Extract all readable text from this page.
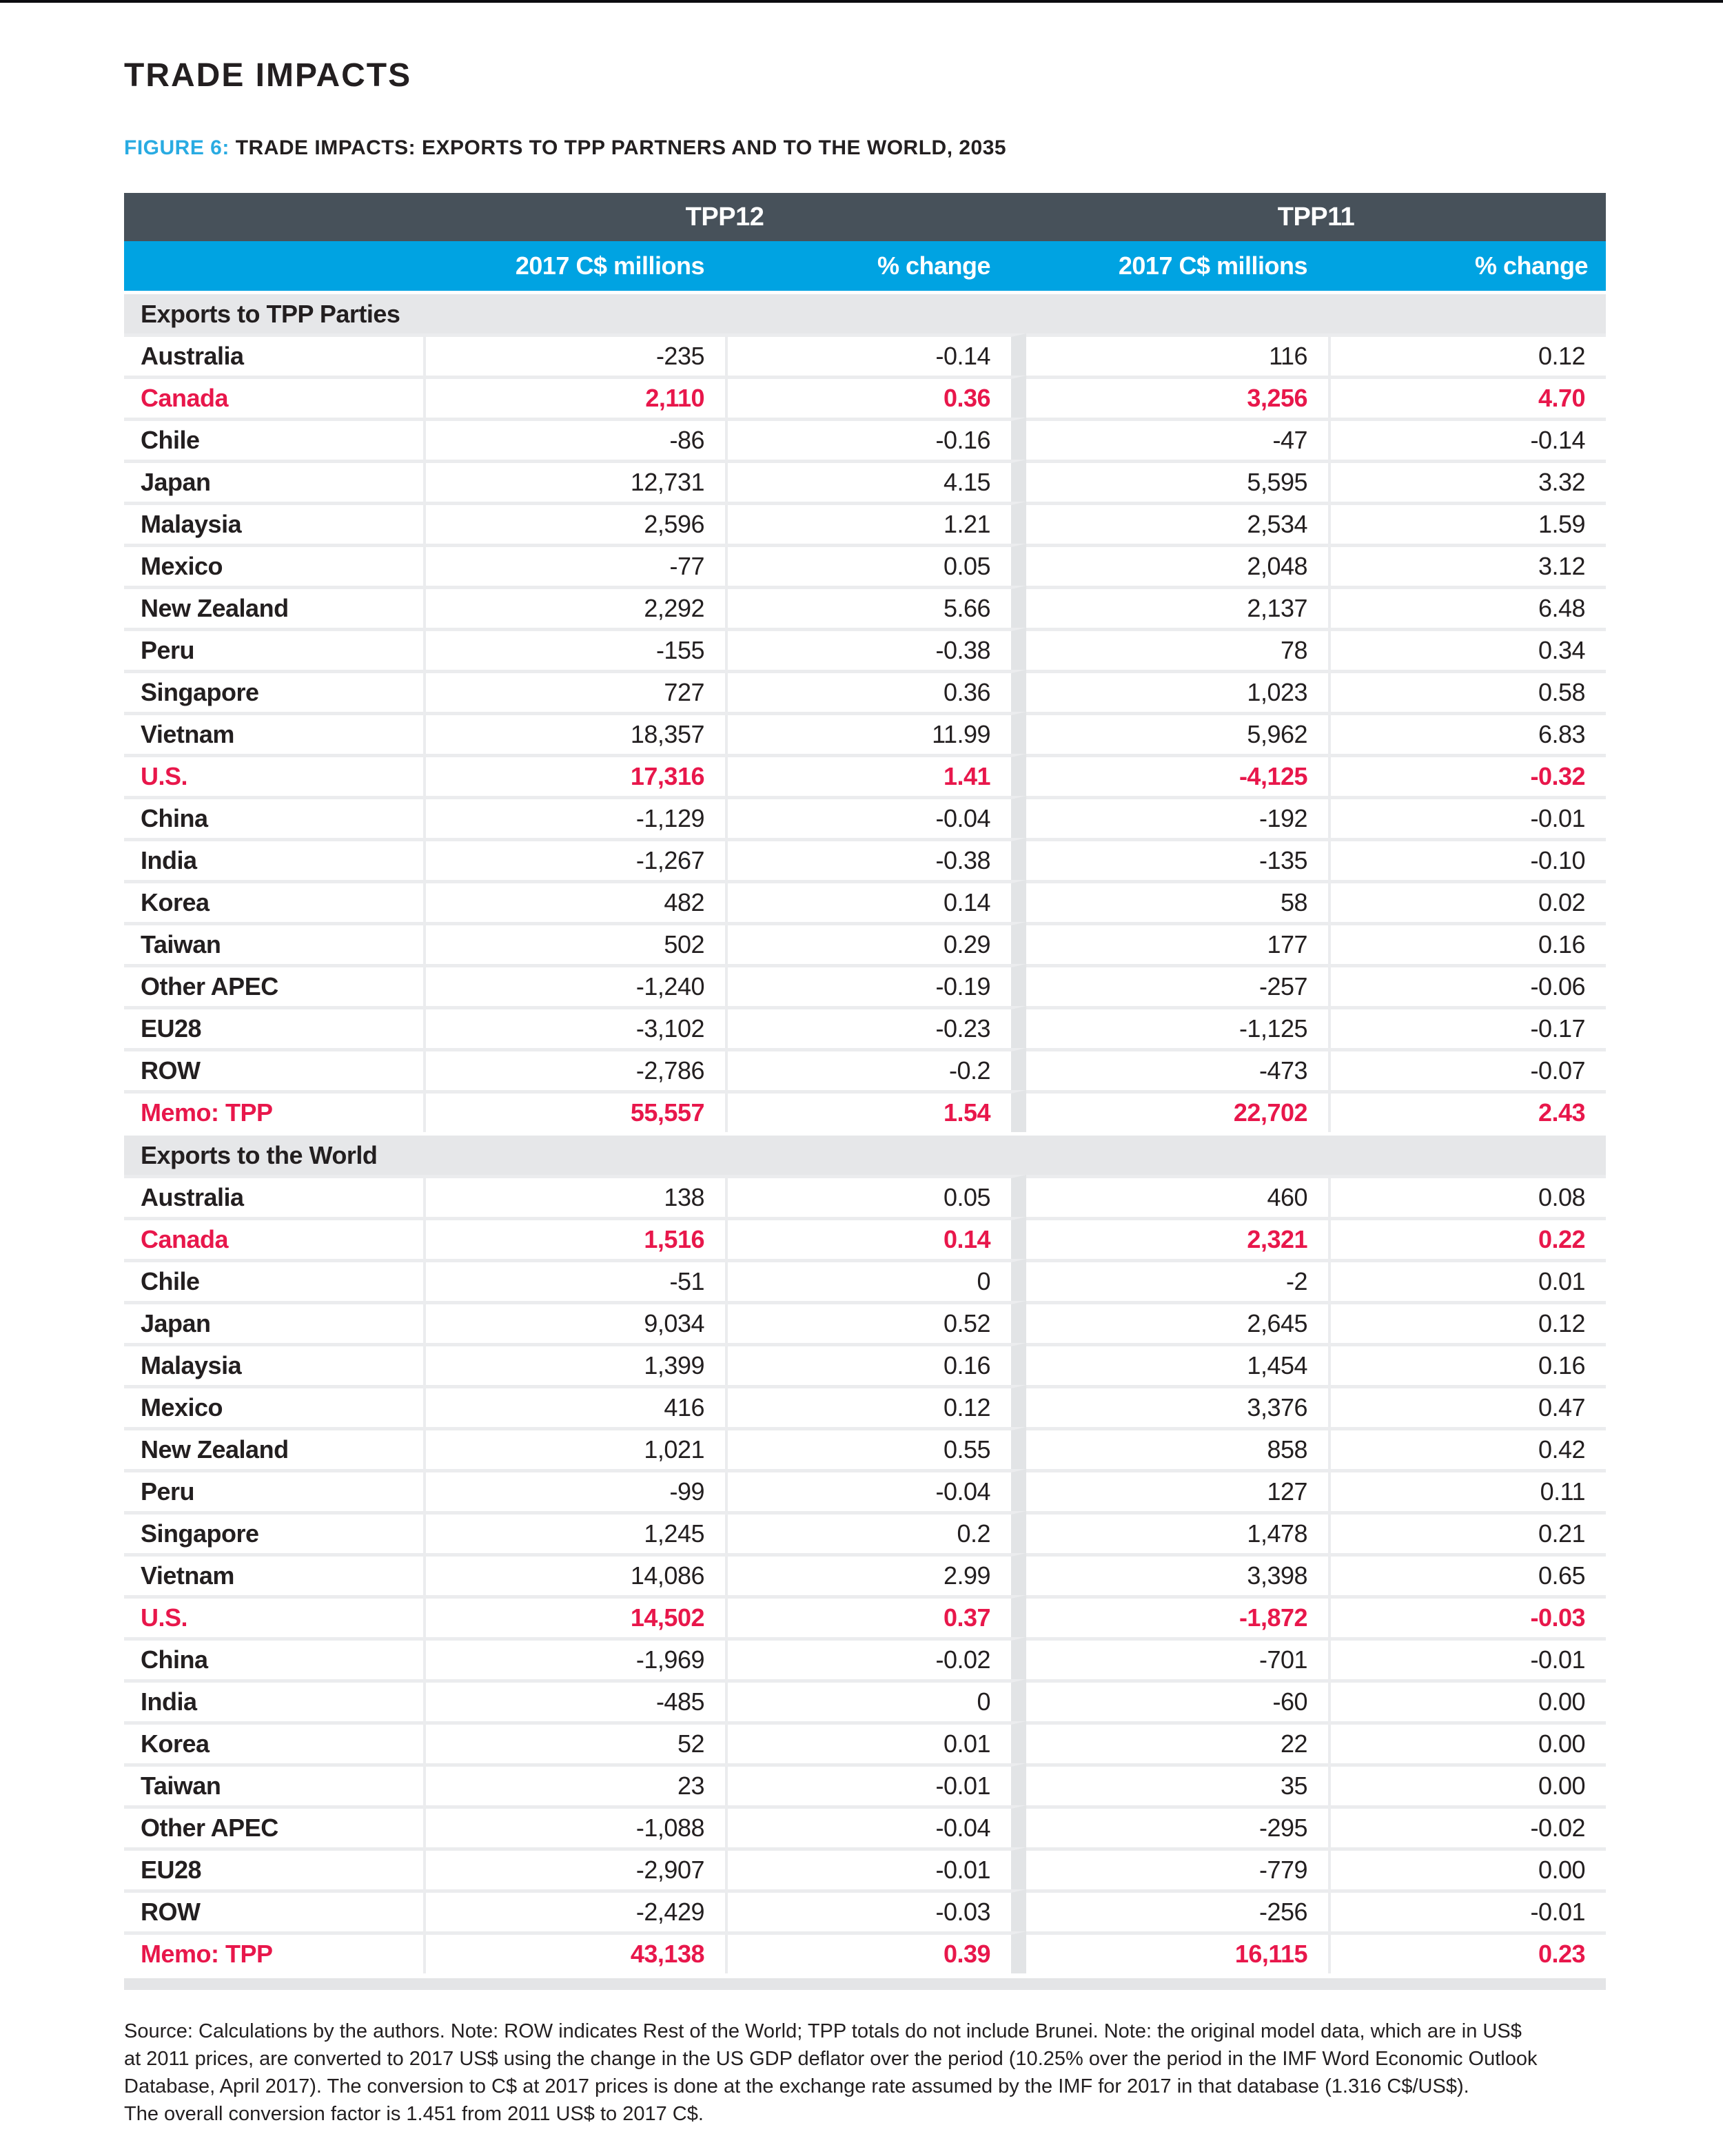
TRADE IMPACTS
FIGURE 6: TRADE IMPACTS: EXPORTS TO TPP PARTNERS AND TO THE WORLD, 2035
	TPP12		TPP11	
	2017 C$ millions	% change	2017 C$ millions	% change
Exports to TPP Parties				
Australia	-235	-0.14	116	0.12
Canada	2,110	0.36	3,256	4.70
Chile	-86	-0.16	-47	-0.14
Japan	12,731	4.15	5,595	3.32
Malaysia	2,596	1.21	2,534	1.59
Mexico	-77	0.05	2,048	3.12
New Zealand	2,292	5.66	2,137	6.48
Peru	-155	-0.38	78	0.34
Singapore	727	0.36	1,023	0.58
Vietnam	18,357	11.99	5,962	6.83
U.S.	17,316	1.41	-4,125	-0.32
China	-1,129	-0.04	-192	-0.01
India	-1,267	-0.38	-135	-0.10
Korea	482	0.14	58	0.02
Taiwan	502	0.29	177	0.16
Other APEC	-1,240	-0.19	-257	-0.06
EU28	-3,102	-0.23	-1,125	-0.17
ROW	-2,786	-0.2	-473	-0.07
Memo: TPP	55,557	1.54	22,702	2.43
Exports to the World				
Australia	138	0.05	460	0.08
Canada	1,516	0.14	2,321	0.22
Chile	-51	0	-2	0.01
Japan	9,034	0.52	2,645	0.12
Malaysia	1,399	0.16	1,454	0.16
Mexico	416	0.12	3,376	0.47
New Zealand	1,021	0.55	858	0.42
Peru	-99	-0.04	127	0.11
Singapore	1,245	0.2	1,478	0.21
Vietnam	14,086	2.99	3,398	0.65
U.S.	14,502	0.37	-1,872	-0.03
China	-1,969	-0.02	-701	-0.01
India	-485	0	-60	0.00
Korea	52	0.01	22	0.00
Taiwan	23	-0.01	35	0.00
Other APEC	-1,088	-0.04	-295	-0.02
EU28	-2,907	-0.01	-779	0.00
ROW	-2,429	-0.03	-256	-0.01
Memo: TPP	43,138	0.39	16,115	0.23

Source: Calculations by the authors. Note: ROW indicates Rest of the World; TPP totals do not include Brunei. Note: the original model data, which are in US$
at 2011 prices, are converted to 2017 US$ using the change in the US GDP deflator over the period (10.25% over the period in the IMF Word Economic Outlook
Database, April 2017). The conversion to C$ at 2017 prices is done at the exchange rate assumed by the IMF for 2017 in that database (1.316 C$/US$).
The overall conversion factor is 1.451 from 2011 US$ to 2017 C$.
